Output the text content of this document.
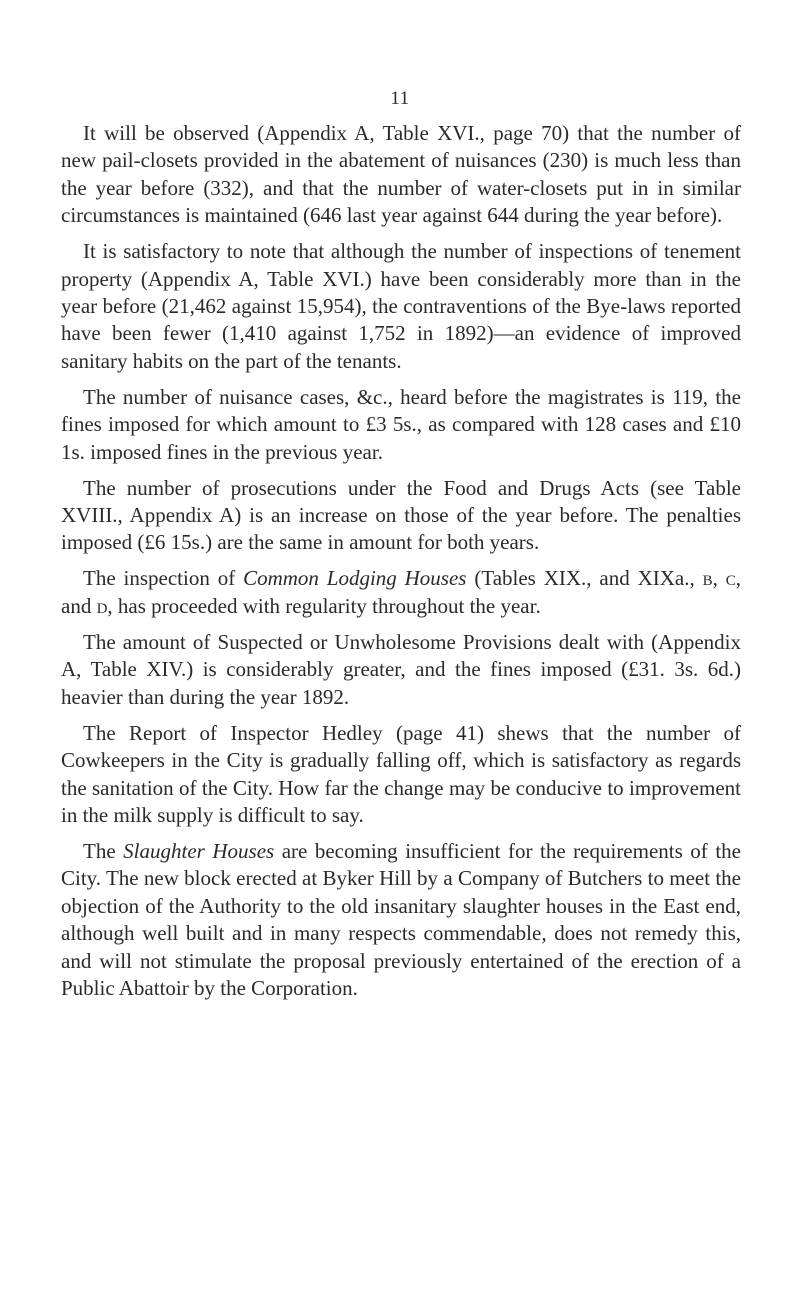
11

It will be observed (Appendix A, Table XVI., page 70) that the number of new pail-closets provided in the abatement of nuisances (230) is much less than the year before (332), and that the number of water-closets put in in similar circumstances is maintained (646 last year against 644 during the year before).

It is satisfactory to note that although the number of inspections of tenement property (Appendix A, Table XVI.) have been considerably more than in the year before (21,462 against 15,954), the contraventions of the Bye-laws reported have been fewer (1,410 against 1,752 in 1892)—an evidence of improved sanitary habits on the part of the tenants.

The number of nuisance cases, &c., heard before the magistrates is 119, the fines imposed for which amount to £3 5s., as compared with 128 cases and £10 1s. imposed fines in the previous year.

The number of prosecutions under the Food and Drugs Acts (see Table XVIII., Appendix A) is an increase on those of the year before. The penalties imposed (£6 15s.) are the same in amount for both years.

The inspection of Common Lodging Houses (Tables XIX., and XIXa., b, c, and d, has proceeded with regularity throughout the year.

The amount of Suspected or Unwholesome Provisions dealt with (Appendix A, Table XIV.) is considerably greater, and the fines imposed (£31. 3s. 6d.) heavier than during the year 1892.

The Report of Inspector Hedley (page 41) shews that the number of Cowkeepers in the City is gradually falling off, which is satisfactory as regards the sanitation of the City. How far the change may be conducive to improvement in the milk supply is difficult to say.

The Slaughter Houses are becoming insufficient for the requirements of the City. The new block erected at Byker Hill by a Company of Butchers to meet the objection of the Authority to the old insanitary slaughter houses in the East end, although well built and in many respects commendable, does not remedy this, and will not stimulate the proposal previously entertained of the erection of a Public Abattoir by the Corporation.
